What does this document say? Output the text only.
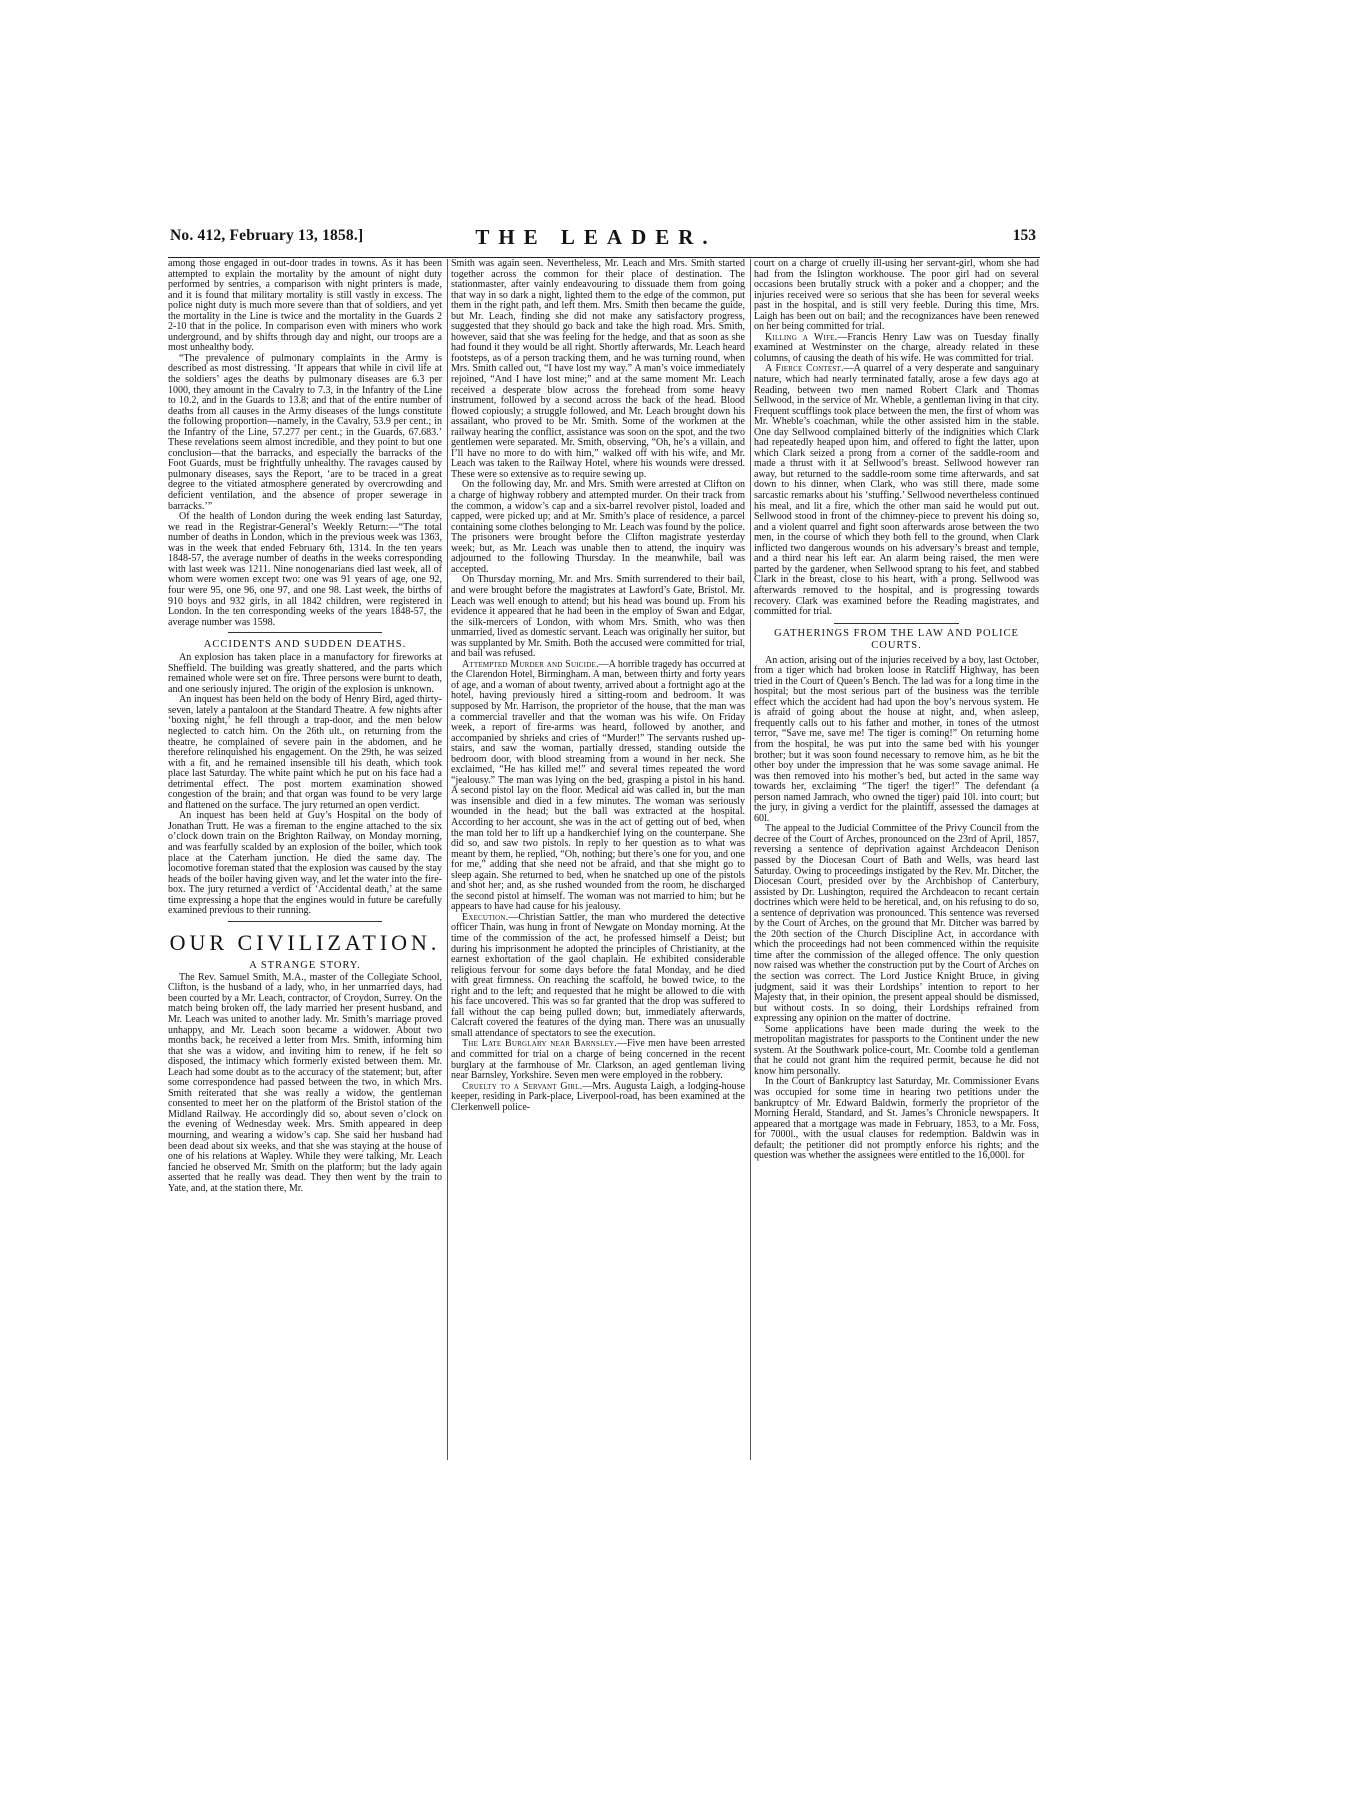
No. 412, February 13, 1858.]	THE LEADER.	153

among those engaged in out-door trades in towns. As it has been attempted to explain the mortality by the amount of night duty performed by sentries, a comparison with night printers is made, and it is found that military mortality is still vastly in excess. The police night duty is much more severe than that of soldiers, and yet the mortality in the Line is twice and the mortality in the Guards 2 2-10 that in the police. In comparison even with miners who work underground, and by shifts through day and night, our troops are a most unhealthy body.

“The prevalence of pulmonary complaints in the Army is described as most distressing. ‘It appears that while in civil life at the soldiers’ ages the deaths by pulmonary diseases are 6.3 per 1000, they amount in the Cavalry to 7.3, in the Infantry of the Line to 10.2, and in the Guards to 13.8; and that of the entire number of deaths from all causes in the Army diseases of the lungs constitute the following proportion—namely, in the Cavalry, 53.9 per cent.; in the Infantry of the Line, 57.277 per cent.; in the Guards, 67.683.’ These revelations seem almost incredible, and they point to but one conclusion—that the barracks, and especially the barracks of the Foot Guards, must be frightfully unhealthy. The ravages caused by pulmonary diseases, says the Report, ‘are to be traced in a great degree to the vitiated atmosphere generated by overcrowding and deficient ventilation, and the absence of proper sewerage in barracks.’”

Of the health of London during the week ending last Saturday, we read in the Registrar-General’s Weekly Return:—“The total number of deaths in London, which in the previous week was 1363, was in the week that ended February 6th, 1314. In the ten years 1848-57, the average number of deaths in the weeks corresponding with last week was 1211. Nine nonogenarians died last week, all of whom were women except two: one was 91 years of age, one 92, four were 95, one 96, one 97, and one 98. Last week, the births of 910 boys and 932 girls, in all 1842 children, were registered in London. In the ten corresponding weeks of the years 1848-57, the average number was 1598.

ACCIDENTS AND SUDDEN DEATHS.

An explosion has taken place in a manufactory for fireworks at Sheffield. The building was greatly shattered, and the parts which remained whole were set on fire. Three persons were burnt to death, and one seriously injured. The origin of the explosion is unknown.

An inquest has been held on the body of Henry Bird, aged thirty-seven, lately a pantaloon at the Standard Theatre. A few nights after ‘boxing night,’ he fell through a trap-door, and the men below neglected to catch him. On the 26th ult., on returning from the theatre, he complained of severe pain in the abdomen, and he therefore relinquished his engagement. On the 29th, he was seized with a fit, and he remained insensible till his death, which took place last Saturday. The white paint which he put on his face had a detrimental effect. The post mortem examination showed congestion of the brain; and that organ was found to be very large and flattened on the surface. The jury returned an open verdict.

An inquest has been held at Guy’s Hospital on the body of Jonathan Trutt. He was a fireman to the engine attached to the six o’clock down train on the Brighton Railway, on Monday morning, and was fearfully scalded by an explosion of the boiler, which took place at the Caterham junction. He died the same day. The locomotive foreman stated that the explosion was caused by the stay heads of the boiler having given way, and let the water into the fire-box. The jury returned a verdict of ‘Accidental death,’ at the same time expressing a hope that the engines would in future be carefully examined previous to their running.

OUR CIVILIZATION.
A STRANGE STORY.

The Rev. Samuel Smith, M.A., master of the Collegiate School, Clifton, is the husband of a lady, who, in her unmarried days, had been courted by a Mr. Leach, contractor, of Croydon, Surrey. On the match being broken off, the lady married her present husband, and Mr. Leach was united to another lady. Mr. Smith’s marriage proved unhappy, and Mr. Leach soon became a widower. About two months back, he received a letter from Mrs. Smith, informing him that she was a widow, and inviting him to renew, if he felt so disposed, the intimacy which formerly existed between them. Mr. Leach had some doubt as to the accuracy of the statement; but, after some correspondence had passed between the two, in which Mrs. Smith reiterated that she was really a widow, the gentleman consented to meet her on the platform of the Bristol station of the Midland Railway. He accordingly did so, about seven o’clock on the evening of Wednesday week. Mrs. Smith appeared in deep mourning, and wearing a widow’s cap. She said her husband had been dead about six weeks, and that she was staying at the house of one of his relations at Wapley. While they were talking, Mr. Leach fancied he observed Mr. Smith on the platform; but the lady again asserted that he really was dead. They then went by the train to Yate, and, at the station there, Mr.

Smith was again seen. Nevertheless, Mr. Leach and Mrs. Smith started together across the common for their place of destination. The stationmaster, after vainly endeavouring to dissuade them from going that way in so dark a night, lighted them to the edge of the common, put them in the right path, and left them. Mrs. Smith then became the guide, but Mr. Leach, finding she did not make any satisfactory progress, suggested that they should go back and take the high road. Mrs. Smith, however, said that she was feeling for the hedge, and that as soon as she had found it they would be all right. Shortly afterwards, Mr. Leach heard footsteps, as of a person tracking them, and he was turning round, when Mrs. Smith called out, “I have lost my way.” A man’s voice immediately rejoined, “And I have lost mine;” and at the same moment Mr. Leach received a desperate blow across the forehead from some heavy instrument, followed by a second across the back of the head. Blood flowed copiously; a struggle followed, and Mr. Leach brought down his assailant, who proved to be Mr. Smith. Some of the workmen at the railway hearing the conflict, assistance was soon on the spot, and the two gentlemen were separated. Mr. Smith, observing, “Oh, he’s a villain, and I’ll have no more to do with him,” walked off with his wife, and Mr. Leach was taken to the Railway Hotel, where his wounds were dressed. These were so extensive as to require sewing up.

On the following day, Mr. and Mrs. Smith were arrested at Clifton on a charge of highway robbery and attempted murder. On their track from the common, a widow’s cap and a six-barrel revolver pistol, loaded and capped, were picked up; and at Mr. Smith’s place of residence, a parcel containing some clothes belonging to Mr. Leach was found by the police. The prisoners were brought before the Clifton magistrate yesterday week; but, as Mr. Leach was unable then to attend, the inquiry was adjourned to the following Thursday. In the meanwhile, bail was accepted.

On Thursday morning, Mr. and Mrs. Smith surrendered to their bail, and were brought before the magistrates at Lawford’s Gate, Bristol. Mr. Leach was well enough to attend; but his head was bound up. From his evidence it appeared that he had been in the employ of Swan and Edgar, the silk-mercers of London, with whom Mrs. Smith, who was then unmarried, lived as domestic servant. Leach was originally her suitor, but was supplanted by Mr. Smith. Both the accused were committed for trial, and bail was refused.

Attempted Murder and Suicide.—A horrible tragedy has occurred at the Clarendon Hotel, Birmingham. A man, between thirty and forty years of age, and a woman of about twenty, arrived about a fortnight ago at the hotel, having previously hired a sitting-room and bedroom. It was supposed by Mr. Harrison, the proprietor of the house, that the man was a commercial traveller and that the woman was his wife. On Friday week, a report of fire-arms was heard, followed by another, and accompanied by shrieks and cries of “Murder!” The servants rushed up-stairs, and saw the woman, partially dressed, standing outside the bedroom door, with blood streaming from a wound in her neck. She exclaimed, “He has killed me!” and several times repeated the word “jealousy.” The man was lying on the bed, grasping a pistol in his hand. A second pistol lay on the floor. Medical aid was called in, but the man was insensible and died in a few minutes. The woman was seriously wounded in the head; but the ball was extracted at the hospital. According to her account, she was in the act of getting out of bed, when the man told her to lift up a handkerchief lying on the counterpane. She did so, and saw two pistols. In reply to her question as to what was meant by them, he replied, “Oh, nothing; but there’s one for you, and one for me,” adding that she need not be afraid, and that she might go to sleep again. She returned to bed, when he snatched up one of the pistols and shot her; and, as she rushed wounded from the room, he discharged the second pistol at himself. The woman was not married to him; but he appears to have had cause for his jealousy.

Execution.—Christian Sattler, the man who murdered the detective officer Thain, was hung in front of Newgate on Monday morning. At the time of the commission of the act, he professed himself a Deist; but during his imprisonment he adopted the principles of Christianity, at the earnest exhortation of the gaol chaplain. He exhibited considerable religious fervour for some days before the fatal Monday, and he died with great firmness. On reaching the scaffold, he bowed twice, to the right and to the left; and requested that he might be allowed to die with his face uncovered. This was so far granted that the drop was suffered to fall without the cap being pulled down; but, immediately afterwards, Calcraft covered the features of the dying man. There was an unusually small attendance of spectators to see the execution.

The Late Burglary near Barnsley.—Five men have been arrested and committed for trial on a charge of being concerned in the recent burglary at the farmhouse of Mr. Clarkson, an aged gentleman living near Barnsley, Yorkshire. Seven men were employed in the robbery.

Cruelty to a Servant Girl.—Mrs. Augusta Laigh, a lodging-house keeper, residing in Park-place, Liverpool-road, has been examined at the Clerkenwell police-

court on a charge of cruelly ill-using her servant-girl, whom she had had from the Islington workhouse. The poor girl had on several occasions been brutally struck with a poker and a chopper; and the injuries received were so serious that she has been for several weeks past in the hospital, and is still very feeble. During this time, Mrs. Laigh has been out on bail; and the recognizances have been renewed on her being committed for trial.

Killing a Wife.—Francis Henry Law was on Tuesday finally examined at Westminster on the charge, already related in these columns, of causing the death of his wife. He was committed for trial.

A Fierce Contest.—A quarrel of a very desperate and sanguinary nature, which had nearly terminated fatally, arose a few days ago at Reading, between two men named Robert Clark and Thomas Sellwood, in the service of Mr. Wheble, a gentleman living in that city. Frequent scufflings took place between the men, the first of whom was Mr. Wheble’s coachman, while the other assisted him in the stable. One day Sellwood complained bitterly of the indignities which Clark had repeatedly heaped upon him, and offered to fight the latter, upon which Clark seized a prong from a corner of the saddle-room and made a thrust with it at Sellwood’s breast. Sellwood however ran away, but returned to the saddle-room some time afterwards, and sat down to his dinner, when Clark, who was still there, made some sarcastic remarks about his ‘stuffing.’ Sellwood nevertheless continued his meal, and lit a fire, which the other man said he would put out. Sellwood stood in front of the chimney-piece to prevent his doing so, and a violent quarrel and fight soon afterwards arose between the two men, in the course of which they both fell to the ground, when Clark inflicted two dangerous wounds on his adversary’s breast and temple, and a third near his left ear. An alarm being raised, the men were parted by the gardener, when Sellwood sprang to his feet, and stabbed Clark in the breast, close to his heart, with a prong. Sellwood was afterwards removed to the hospital, and is progressing towards recovery. Clark was examined before the Reading magistrates, and committed for trial.

GATHERINGS FROM THE LAW AND POLICE COURTS.

An action, arising out of the injuries received by a boy, last October, from a tiger which had broken loose in Ratcliff Highway, has been tried in the Court of Queen’s Bench. The lad was for a long time in the hospital; but the most serious part of the business was the terrible effect which the accident had had upon the boy’s nervous system. He is afraid of going about the house at night, and, when asleep, frequently calls out to his father and mother, in tones of the utmost terror, “Save me, save me! The tiger is coming!” On returning home from the hospital, he was put into the same bed with his younger brother; but it was soon found necessary to remove him, as he bit the other boy under the impression that he was some savage animal. He was then removed into his mother’s bed, but acted in the same way towards her, exclaiming “The tiger! the tiger!” The defendant (a person named Jamrach, who owned the tiger) paid 10l. into court; but the jury, in giving a verdict for the plaintiff, assessed the damages at 60l.

The appeal to the Judicial Committee of the Privy Council from the decree of the Court of Arches, pronounced on the 23rd of April, 1857, reversing a sentence of deprivation against Archdeacon Denison passed by the Diocesan Court of Bath and Wells, was heard last Saturday. Owing to proceedings instigated by the Rev. Mr. Ditcher, the Diocesan Court, presided over by the Archbishop of Canterbury, assisted by Dr. Lushington, required the Archdeacon to recant certain doctrines which were held to be heretical, and, on his refusing to do so, a sentence of deprivation was pronounced. This sentence was reversed by the Court of Arches, on the ground that Mr. Ditcher was barred by the 20th section of the Church Discipline Act, in accordance with which the proceedings had not been commenced within the requisite time after the commission of the alleged offence. The only question now raised was whether the construction put by the Court of Arches on the section was correct. The Lord Justice Knight Bruce, in giving judgment, said it was their Lordships’ intention to report to her Majesty that, in their opinion, the present appeal should be dismissed, but without costs. In so doing, their Lordships refrained from expressing any opinion on the matter of doctrine.

Some applications have been made during the week to the metropolitan magistrates for passports to the Continent under the new system. At the Southwark police-court, Mr. Coombe told a gentleman that he could not grant him the required permit, because he did not know him personally.

In the Court of Bankruptcy last Saturday, Mr. Commissioner Evans was occupied for some time in hearing two petitions under the bankruptcy of Mr. Edward Baldwin, formerly the proprietor of the Morning Herald, Standard, and St. James’s Chronicle newspapers. It appeared that a mortgage was made in February, 1853, to a Mr. Foss, for 7000l., with the usual clauses for redemption. Baldwin was in default; the petitioner did not promptly enforce his rights; and the question was whether the assignees were entitled to the 16,000l. for
